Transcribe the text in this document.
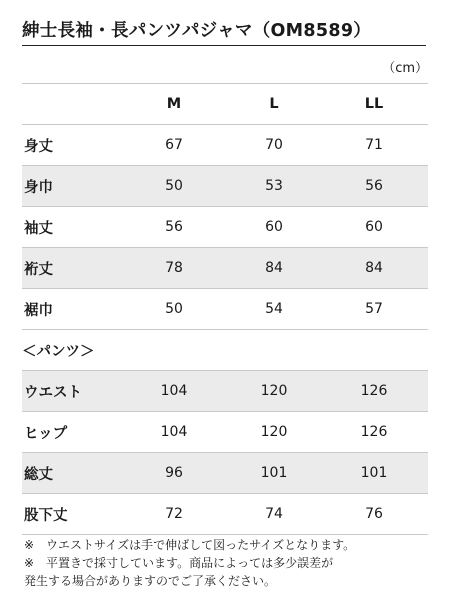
紳士長袖・長パンツパジャマ（OM8589）
（cm）
M	L	LL
身丈	67	70	71
身巾	50	53	56
袖丈	56	60	60
裄丈	78	84	84
裾巾	50	54	57
＜パンツ＞
ウエスト	104	120	126
ヒップ	104	120	126
総丈	96	101	101
股下丈	72	74	76
※　ウエストサイズは手で伸ばして図ったサイズとなります。
※　平置きで採寸しています。商品によっては多少誤差が
発生する場合がありますのでご了承ください。
